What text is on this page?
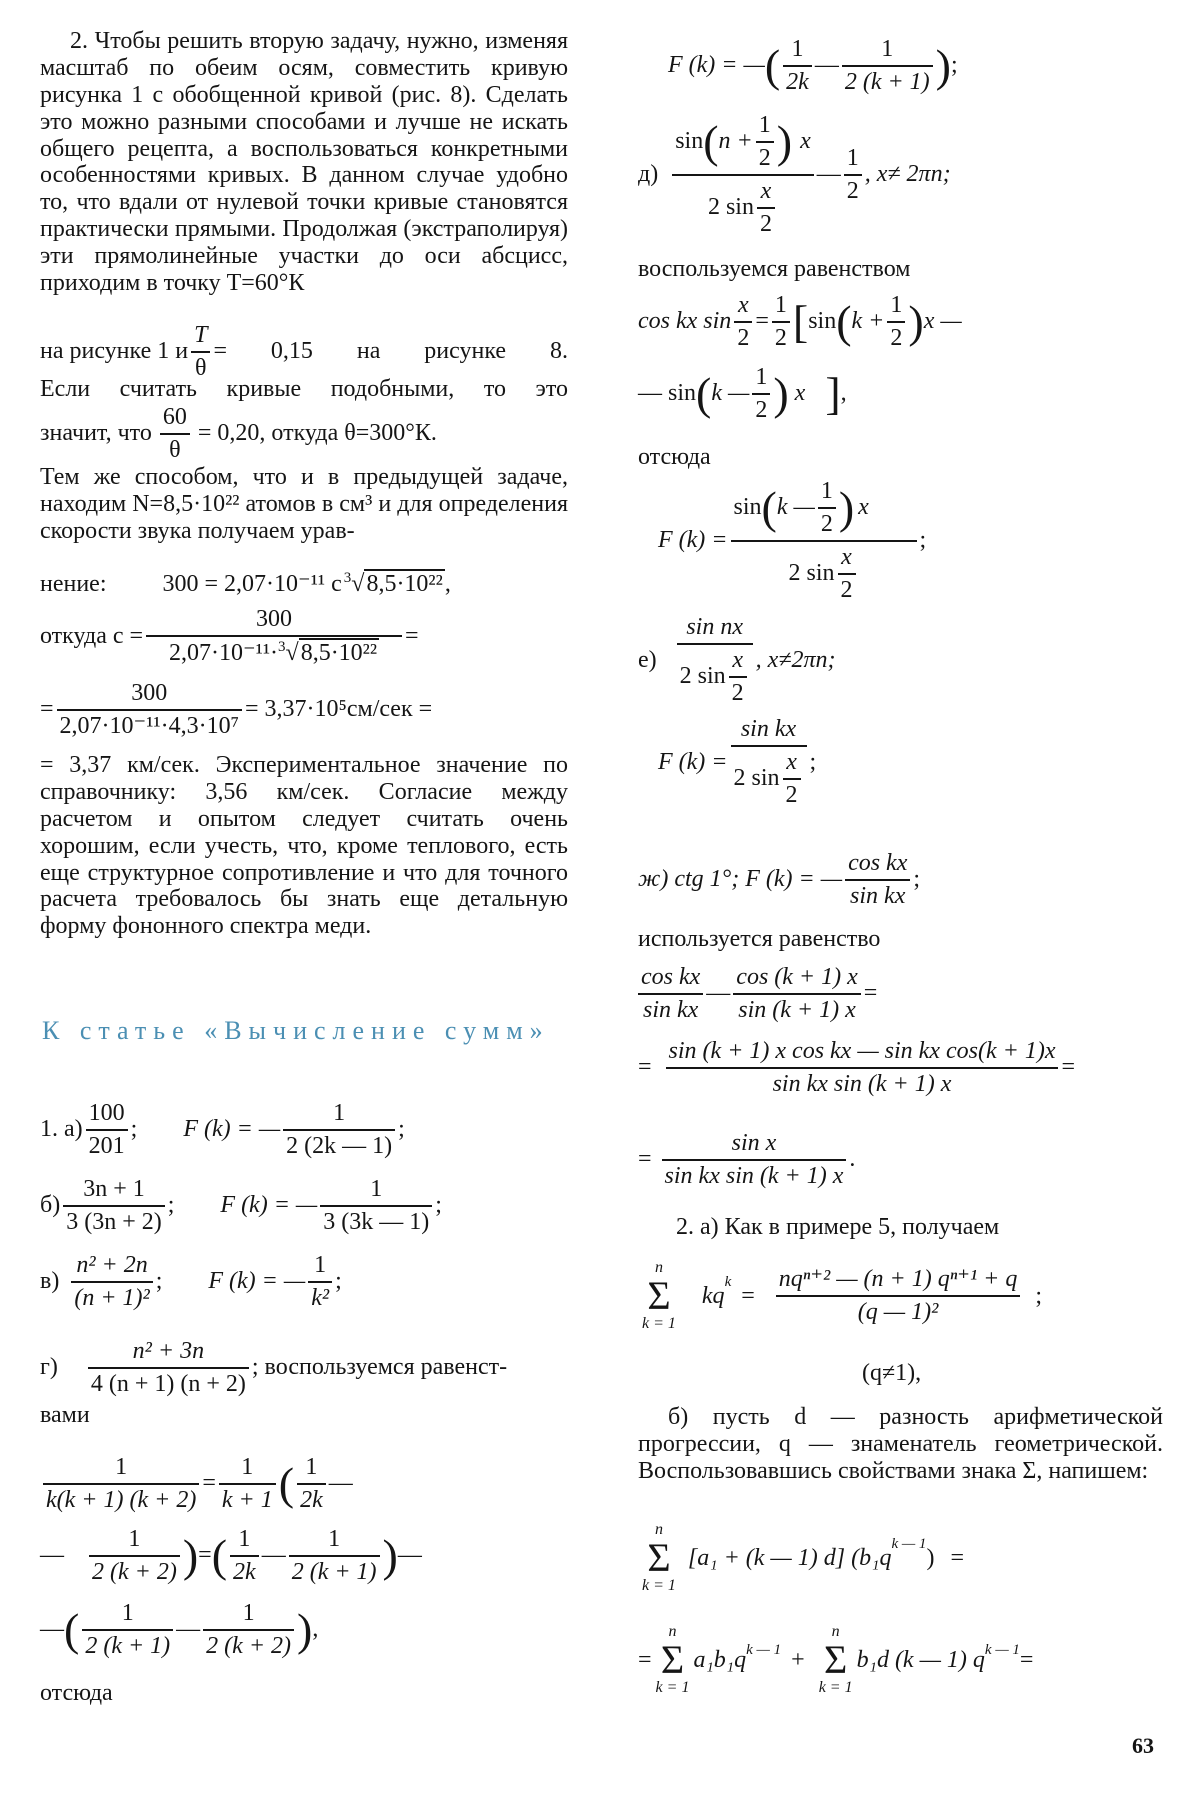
2. Чтобы решить вторую задачу, нужно, изменяя масштаб по обеим осям, совместить кривую рисунка 1 с обобщенной кривой (рис. 8). Сделать это можно разными способами и лучше не искать общего рецепта, а воспользоваться конкретными особенностями кривых. В данном случае удобно то, что вдали от нулевой точки кривые становятся практически прямыми. Продолжая (экстраполируя) эти прямолинейные участки до оси абсцисс, приходим в точку T=60°К

на рисунке 1 и $\frac{T}{\theta} = 0,15$ на рисунке 8.
Если считать кривые подобными, то это
значит, что $\frac{60}{\theta} = 0,20$, откуда θ=300°К.

Тем же способом, что и в предыдущей задаче, находим N=8,5·10²² атомов в см³ и для определения скорости звука получаем урав-

нение: 300 = 2,07·10⁻¹¹ c $^3$√8,5·10²²,
откуда $c = \frac{300}{2,07\cdot 10^{-11}\cdot^3√8,5\cdot 10^{22}}$ =
= $\frac{300}{\text{2,07·10⁻¹¹·4,3·10⁷}} = 3,37\cdot 10^5см/сек$ =

= 3,37 км/сек. Экспериментальное значение по справочнику: 3,56 км/сек. Согласие между расчетом и опытом следует считать очень хорошим, если учесть, что, кроме теплового, есть еще структурное сопротивление и что для точного расчета требовалось бы знать еще детальную форму фононного спектра меди.

К статье «Вычисление сумм»
1. а)
100
201
; F (k) = —
1
2 (2k — 1)
;
б)
3n + 1
3 (3n + 2)
; F (k) = —
1
3 (3k — 1)
;
в)
n² + 2n
(n + 1)²
; F (k) = —
1
k²
;
г)
n² + 3n
4 (n + 1) (n + 2)
; воспользуемся равенст-
вами
$\frac{1}{k(k + 1) (k + 2)} = \frac{1}{k + 1}$ ( 1
2k
—
—
1
2 (k + 2) ) = ( 1
2k
—
1
2 (k + 1) ) —
— (	1
2 (k + 1)
—
1
2 (k + 2) ) ,
отсюда
F (k) = — ( 1
2k
—
1
2 (k + 1) ) ;
д)
sin ( $n + \frac{1}{2}$ ) x
2 sin
x
2
—
1
2
, x≠ 2πn;
воспользуемся равенством
cos kx $\sin \frac{x}{2} = \frac{1}{2}$ [ sin ( $k + \frac{1}{2}$ ) x —
— sin ( k —
1
2 ) x ] ,
отсюда
F (k) = sin ( k —
1
2 ) x
2 sin
x
2 ;
е)
sin nx
2 sin
x
2
, x≠2πn;
F (k) = sin kx
2 sin
x
2 ;
ж) ctg 1°; F (k) = —
cos kx
sin kx
;
используется равенство
cos kx
sin kx
— $\frac{\cos (k + 1) x}{\sin (k + 1) x}$ =
= $\frac{\text{sin (k + 1) x cos kx — sin kx cos(k + 1)x}}{\text{sin kx sin (k + 1) x}}$ =
= $\frac{\text{sin x}}{\text{sin kx sin (k + 1) x}}$ .
2. а) Как в примере 5, получаем
n
Σ
k = 1
kq
$^k$
=
nqⁿ⁺² — (n + 1) qⁿ⁺¹ + q
(q — 1)²
;
(q≠1),

б) пусть d — разность арифметической прогрессии, q — знаменатель геометрической. Воспользовавшись свойствами знака Σ, напишем:

n
Σ
k = 1
[a₁ + (k — 1) d] (b₁q
$^{k — 1}$
) =
=
n
Σ
k = 1
a₁b₁q $^{k — 1}$ +
n
Σ
k = 1
b₁d (k — 1) q $^{k — 1}$ =
63
